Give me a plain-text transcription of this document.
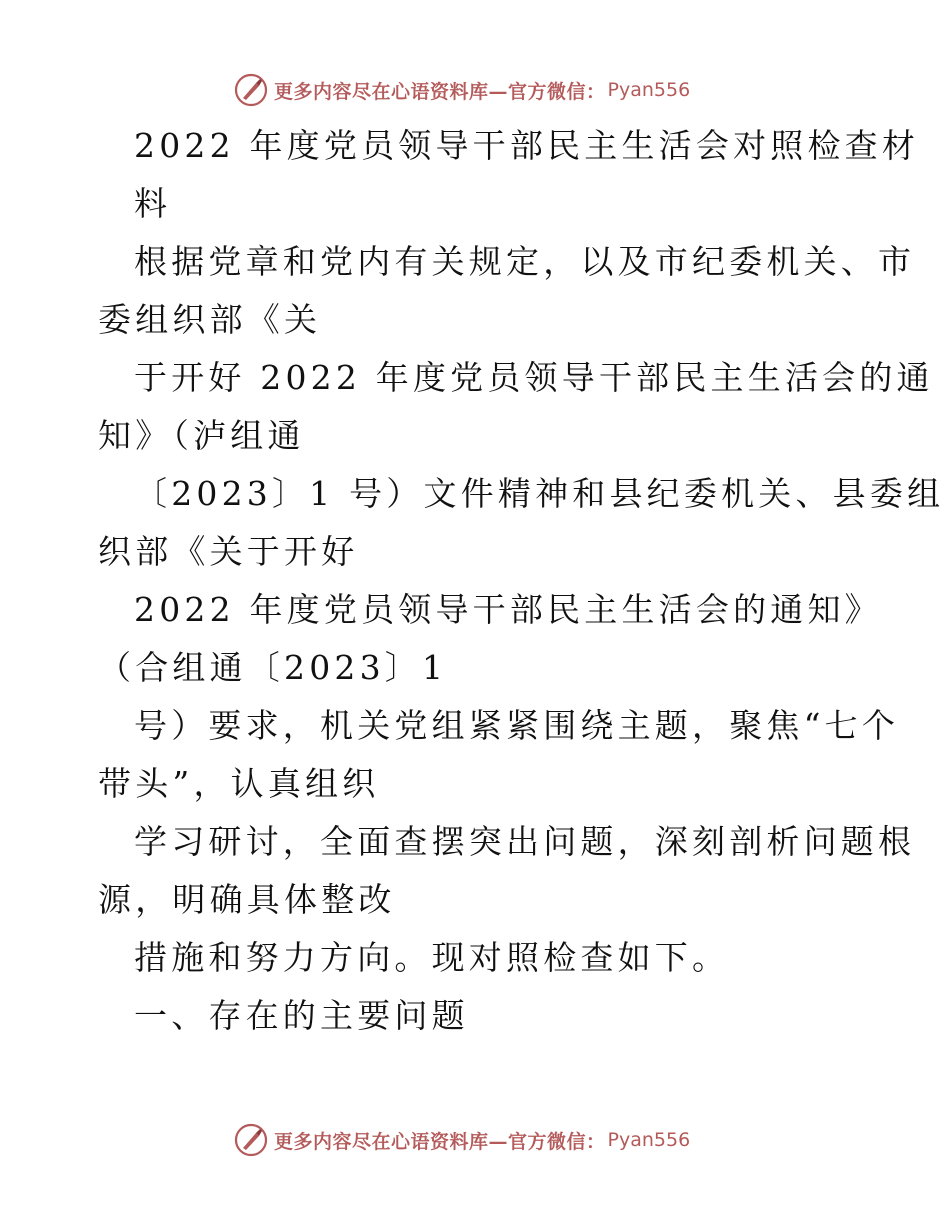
更多内容尽在心语资料库—官方微信： Pyan556
2022 年度党员领导干部民主生活会对照检查材
料
根据党章和党内有关规定，以及市纪委机关、市
委组织部《关
于开好 2022 年度党员领导干部民主生活会的通
知》（泸组通
〔2023〕1 号）文件精神和县纪委机关、县委组
织部《关于开好
2022 年度党员领导干部民主生活会的通知》
（合组通〔2023〕1
号）要求，机关党组紧紧围绕主题，聚焦“七个
带头”，认真组织
学习研讨，全面查摆突出问题，深刻剖析问题根
源，明确具体整改
措施和努力方向。现对照检查如下。
一、存在的主要问题
更多内容尽在心语资料库—官方微信： Pyan556
